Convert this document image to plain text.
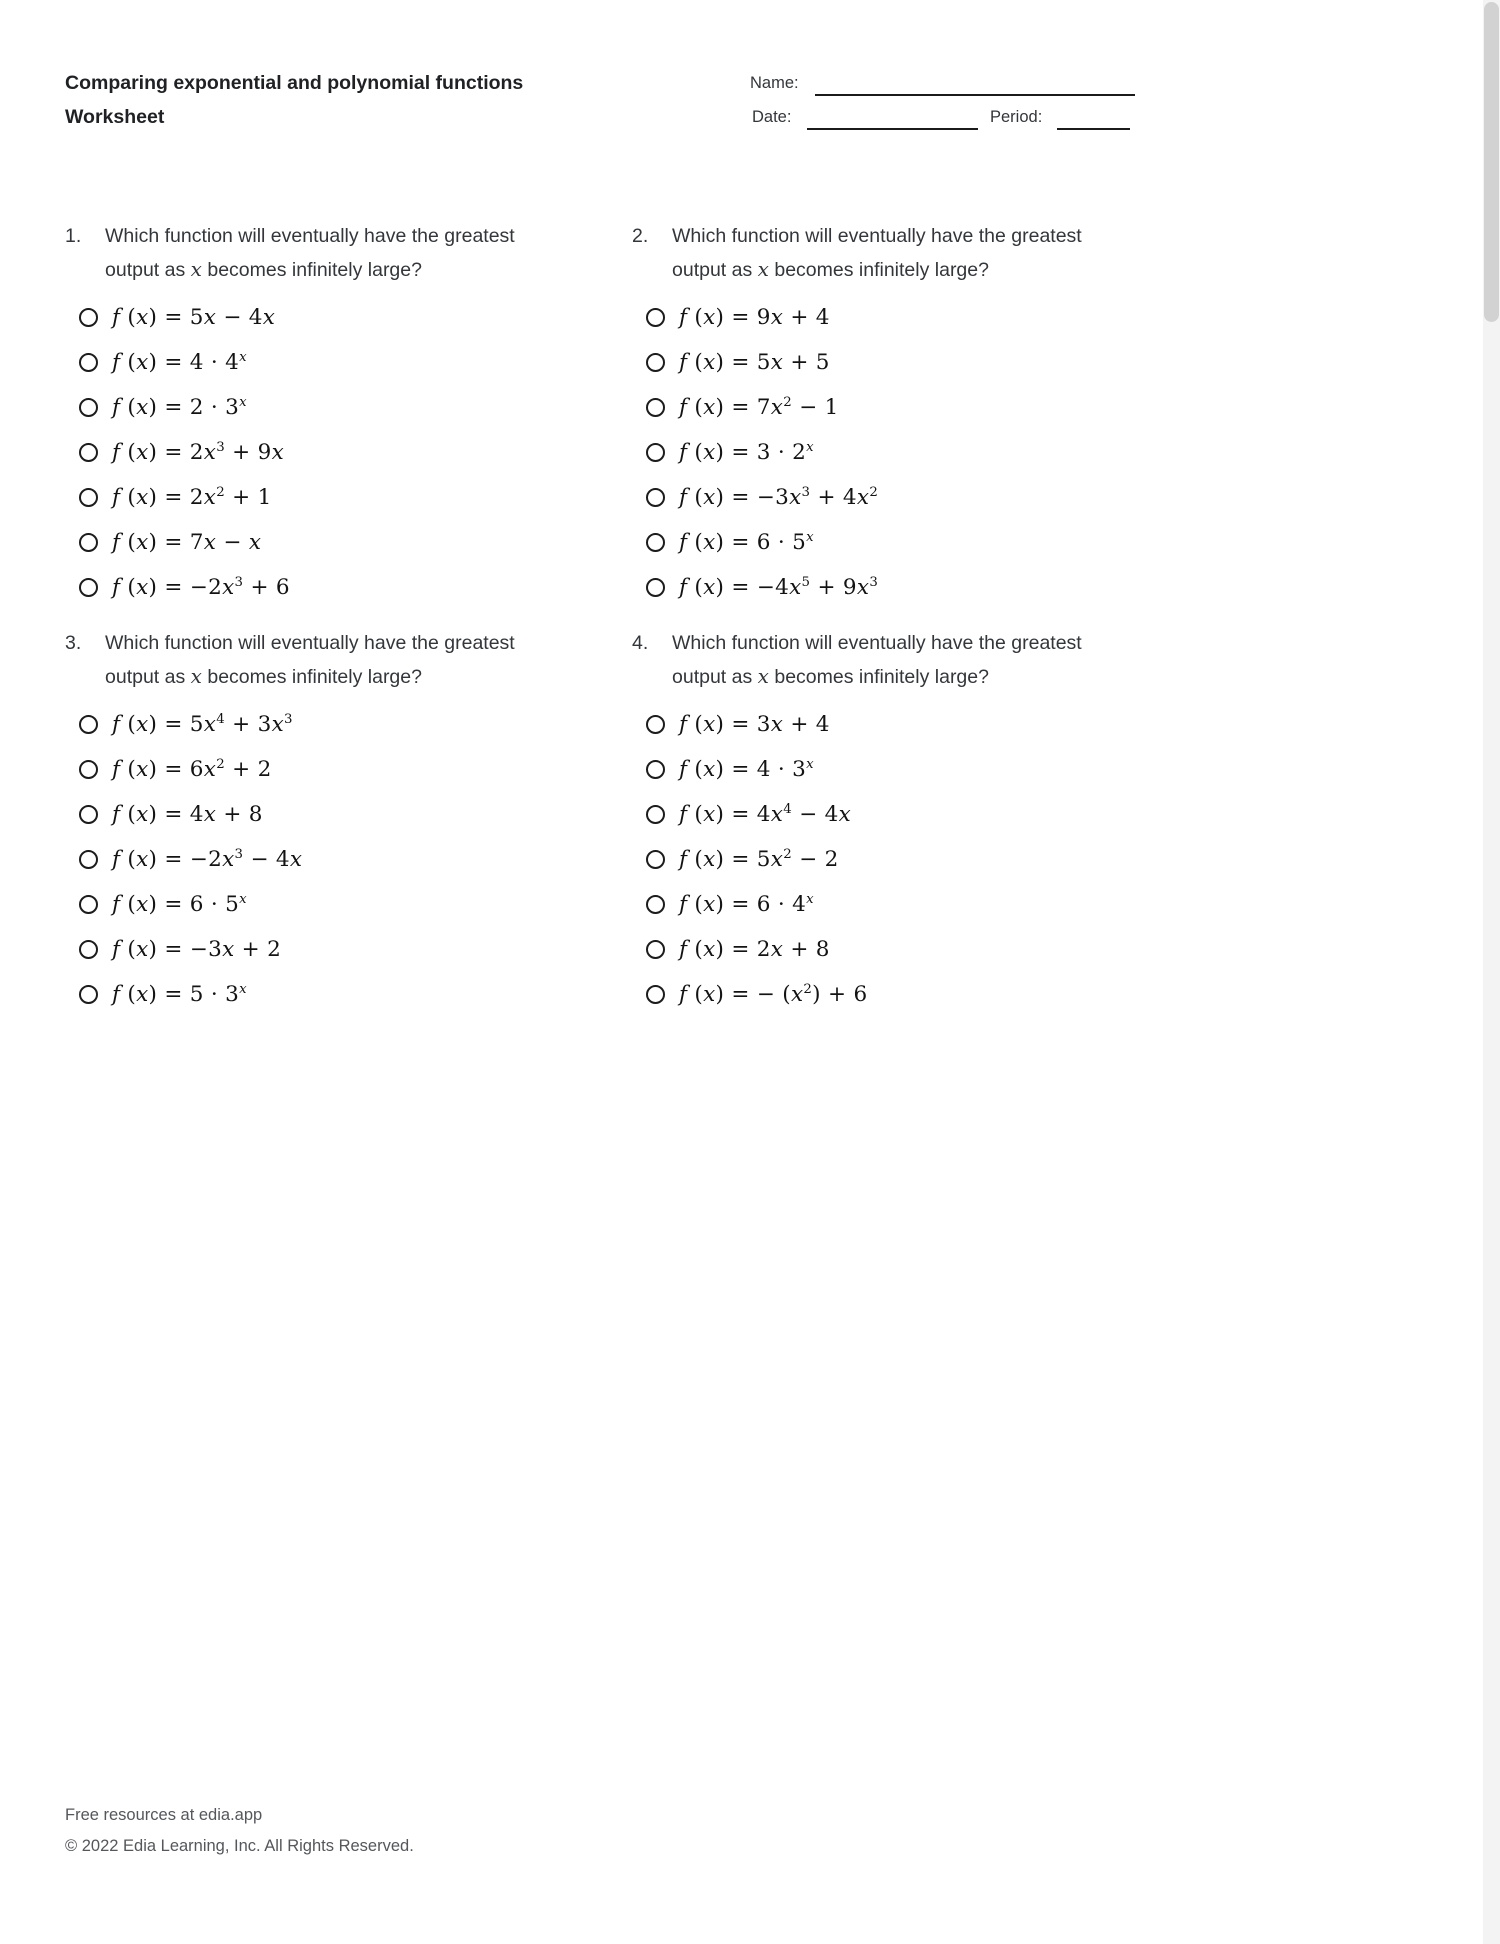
Comparing exponential and polynomial functions
Worksheet
Name:
Date:	Period:
1. Which function will eventually have the greatest
output as x becomes infinitely large?
f (x) = 5x − 4x
f $(x) = 4 \cdot 4^x$
f $(x) = 2 \cdot 3^x$
f $(x) = 2x^3 + 9x$
f $(x) = 2x^2 + 1$
f (x) = 7x − x
f $(x) = -2x^3 + 6$
2. Which function will eventually have the greatest
output as x becomes infinitely large?
f (x) = 9x + 4
f (x) = 5x + 5
f $(x) = 7x^2 - 1$
f $(x) = 3 \cdot 2^x$
f $(x) = -3x^3 + 4x^2$
f $(x) = 6 \cdot 5^x$
f $(x) = -4x^5 + 9x^3$
3. Which function will eventually have the greatest
output as x becomes infinitely large?
f $(x) = 5x^4 + 3x^3$
f $(x) = 6x^2 + 2$
f (x) = 4x + 8
f $(x) = -2x^3 - 4x$
f $(x) = 6 \cdot 5^x$
f (x) = −3x + 2
f $(x) = 5 \cdot 3^x$
4. Which function will eventually have the greatest
output as x becomes infinitely large?
f (x) = 3x + 4
f $(x) = 4 \cdot 3^x$
f $(x) = 4x^4 - 4x$
f $(x) = 5x^2 - 2$
f $(x) = 6 \cdot 4^x$
f (x) = 2x + 8
f (x) = − $(x^2) + 6$
Free resources at edia.app
© 2022 Edia Learning, Inc. All Rights Reserved.
